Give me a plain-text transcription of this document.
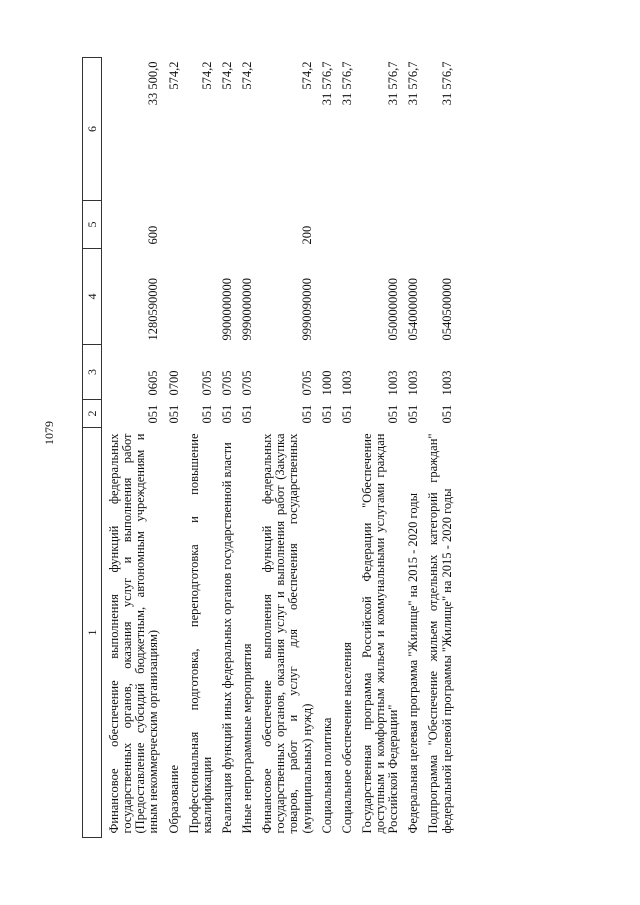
1079
1	2	3	4	5	6
Финансовое обеспечение выполнения функций федеральных государственных органов, оказания услуг и выполнения работ (Предоставление субсидий бюджетным, автономным учреждениям и иным некоммерческим организациям)	051	0605	1280590000	600	33 500,0
Образование	051	0700			574,2
Профессиональная подготовка, переподготовка и повышение квалификации	051	0705			574,2
Реализация функций иных федеральных органов государственной власти	051	0705	9900000000		574,2
Иные непрограммные мероприятия	051	0705	9990000000		574,2
Финансовое обеспечение выполнения функций федеральных государственных органов, оказания услуг и выполнения работ (Закупка товаров, работ и услуг для обеспечения государственных (муниципальных) нужд)	051	0705	9990090000	200	574,2
Социальная политика	051	1000			31 576,7
Социальное обеспечение населения	051	1003			31 576,7
Государственная программа Российской Федерации "Обеспечение доступным и комфортным жильем и коммунальными услугами граждан Российской Федерации"	051	1003	0500000000		31 576,7
Федеральная целевая программа "Жилище" на 2015 - 2020 годы	051	1003	0540000000		31 576,7
Подпрограмма "Обеспечение жильем отдельных категорий граждан" федеральной целевой программы "Жилище" на 2015 - 2020 годы	051	1003	0540500000		31 576,7
